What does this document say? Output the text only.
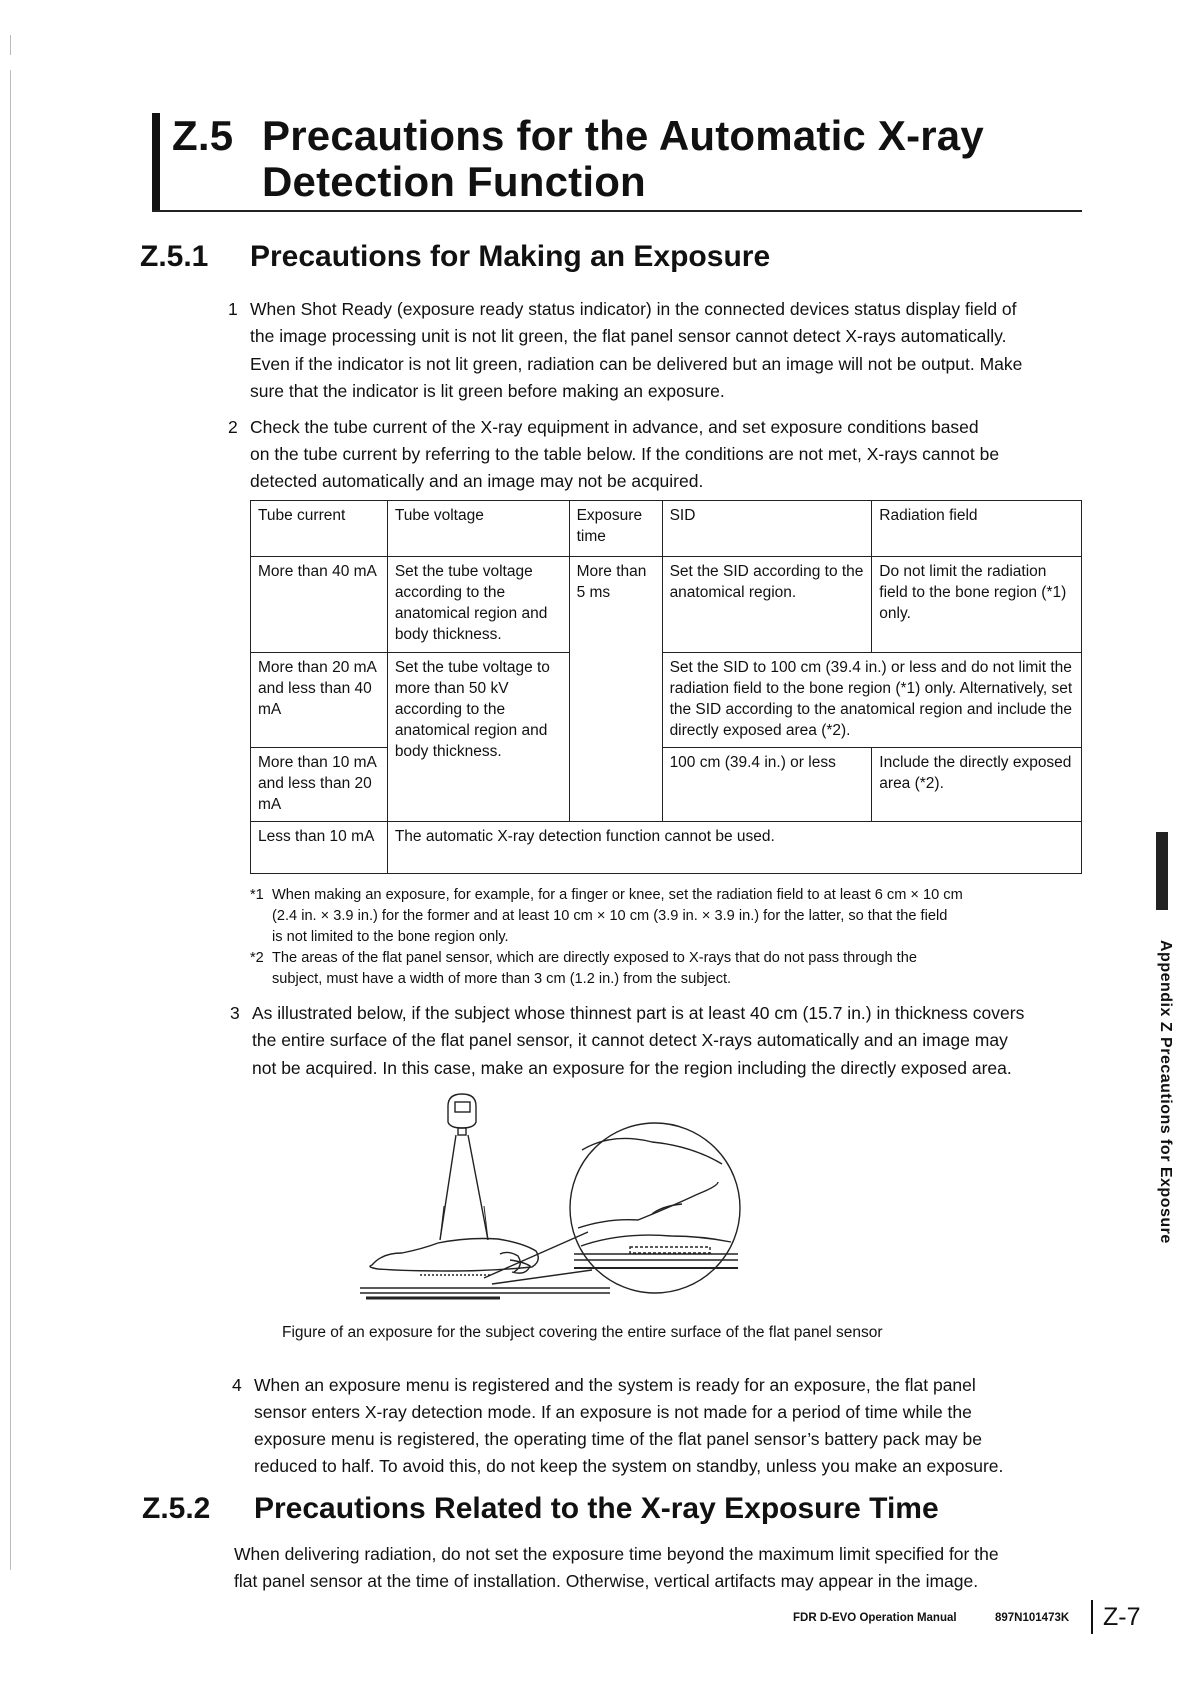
Z.5 Precautions for the Automatic X-ray
Detection Function
Z.5.1 Precautions for Making an Exposure
1 When Shot Ready (exposure ready status indicator) in the connected devices status display field of
the image processing unit is not lit green, the flat panel sensor cannot detect X-rays automatically.
Even if the indicator is not lit green, radiation can be delivered but an image will not be output. Make
sure that the indicator is lit green before making an exposure.
2 Check the tube current of the X-ray equipment in advance, and set exposure conditions based
on the tube current by referring to the table below. If the conditions are not met, X-rays cannot be
detected automatically and an image may not be acquired.
Tube current	Tube voltage	Exposure time	SID	Radiation field
More than 40 mA	Set the tube voltage according to the anatomical region and body thickness.	More than 5 ms	Set the SID according to the anatomical region.	Do not limit the radiation field to the bone region (*1) only.
More than 20 mA and less than 40 mA	Set the tube voltage to more than 50 kV according to the anatomical region and body thickness.		Set the SID to 100 cm (39.4 in.) or less and do not limit the radiation field to the bone region (*1) only. Alternatively, set the SID according to the anatomical region and include the directly exposed area (*2).	
More than 10 mA and less than 20 mA			100 cm (39.4 in.) or less	Include the directly exposed area (*2).
Less than 10 mA	The automatic X-ray detection function cannot be used.			
*1 When making an exposure, for example, for a finger or knee, set the radiation field to at least 6 cm × 10 cm
(2.4 in. × 3.9 in.) for the former and at least 10 cm × 10 cm (3.9 in. × 3.9 in.) for the latter, so that the field
is not limited to the bone region only.
*2 The areas of the flat panel sensor, which are directly exposed to X-rays that do not pass through the
subject, must have a width of more than 3 cm (1.2 in.) from the subject.
3 As illustrated below, if the subject whose thinnest part is at least 40 cm (15.7 in.) in thickness covers
the entire surface of the flat panel sensor, it cannot detect X-rays automatically and an image may
not be acquired. In this case, make an exposure for the region including the directly exposed area.
Figure of an exposure for the subject covering the entire surface of the flat panel sensor
4 When an exposure menu is registered and the system is ready for an exposure, the flat panel
sensor enters X-ray detection mode. If an exposure is not made for a period of time while the
exposure menu is registered, the operating time of the flat panel sensor’s battery pack may be
reduced to half. To avoid this, do not keep the system on standby, unless you make an exposure.
Z.5.2 Precautions Related to the X-ray Exposure Time
When delivering radiation, do not set the exposure time beyond the maximum limit specified for the
flat panel sensor at the time of installation. Otherwise, vertical artifacts may appear in the image.
Appendix Z Precautions for Exposure
FDR D-EVO Operation Manual	897N101473K Z-7
